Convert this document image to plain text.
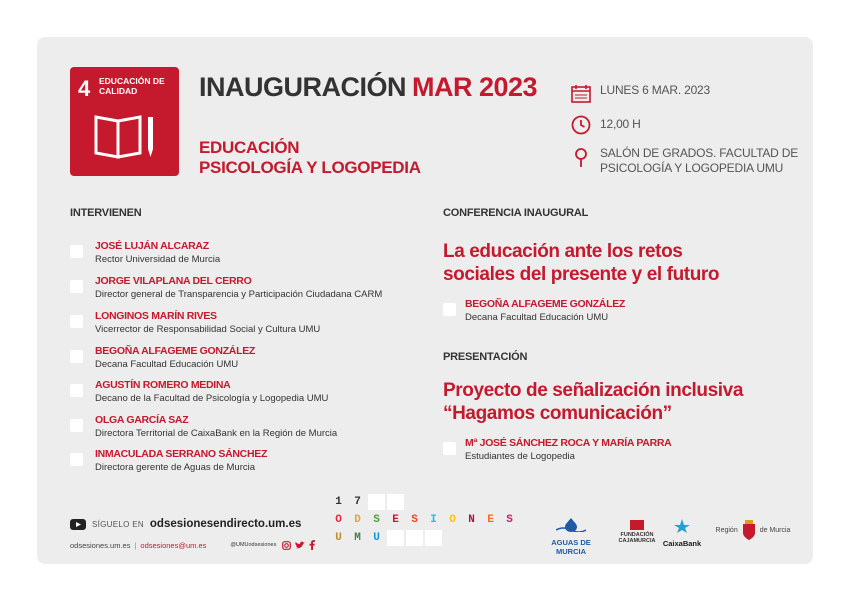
4 EDUCACIÓN DE CALIDAD	INAUGURACIÓN MAR 2023
EDUCACIÓN
PSICOLOGÍA Y LOGOPEDIA
LUNES 6 MAR. 2023
12,00 H
SALÓN DE GRADOS. FACULTAD DE
PSICOLOGÍA Y LOGOPEDIA UMU
INTERVIENEN
JOSÉ LUJÁN ALCARAZ
Rector Universidad de Murcia
JORGE VILAPLANA DEL CERRO
Director general de Transparencia y Participación Ciudadana CARM
LONGINOS MARÍN RIVES
Vicerrector de Responsabilidad Social y Cultura UMU
BEGOÑA ALFAGEME GONZÁLEZ
Decana Facultad Educación UMU
AGUSTÍN ROMERO MEDINA
Decano de la Facultad de Psicología y Logopedia UMU
OLGA GARCÍA SAZ
Directora Territorial de CaixaBank en la Región de Murcia
INMACULADA SERRANO SÁNCHEZ
Directora gerente de Aguas de Murcia
CONFERENCIA INAUGURAL
La educación ante los retos
sociales del presente y el futuro
BEGOÑA ALFAGEME GONZÁLEZ
Decana Facultad Educación UMU
PRESENTACIÓN
Proyecto de señalización inclusiva
“Hagamos comunicación”
Mª JOSÉ SÁNCHEZ ROCA Y MARÍA PARRA
Estudiantes de Logopedia
SÍGUELO EN odsesionesendirecto.um.es
odsesiones.um.es | odsesiones@um.es	@UMUodsesiones
1	7
O	D	S	E	S	I	O	N	E	S
U	M	U	AGUAS DE MURCIA
FUNDACIÓN
CAJAMURCIA CaixaBank
Región	de Murcia
